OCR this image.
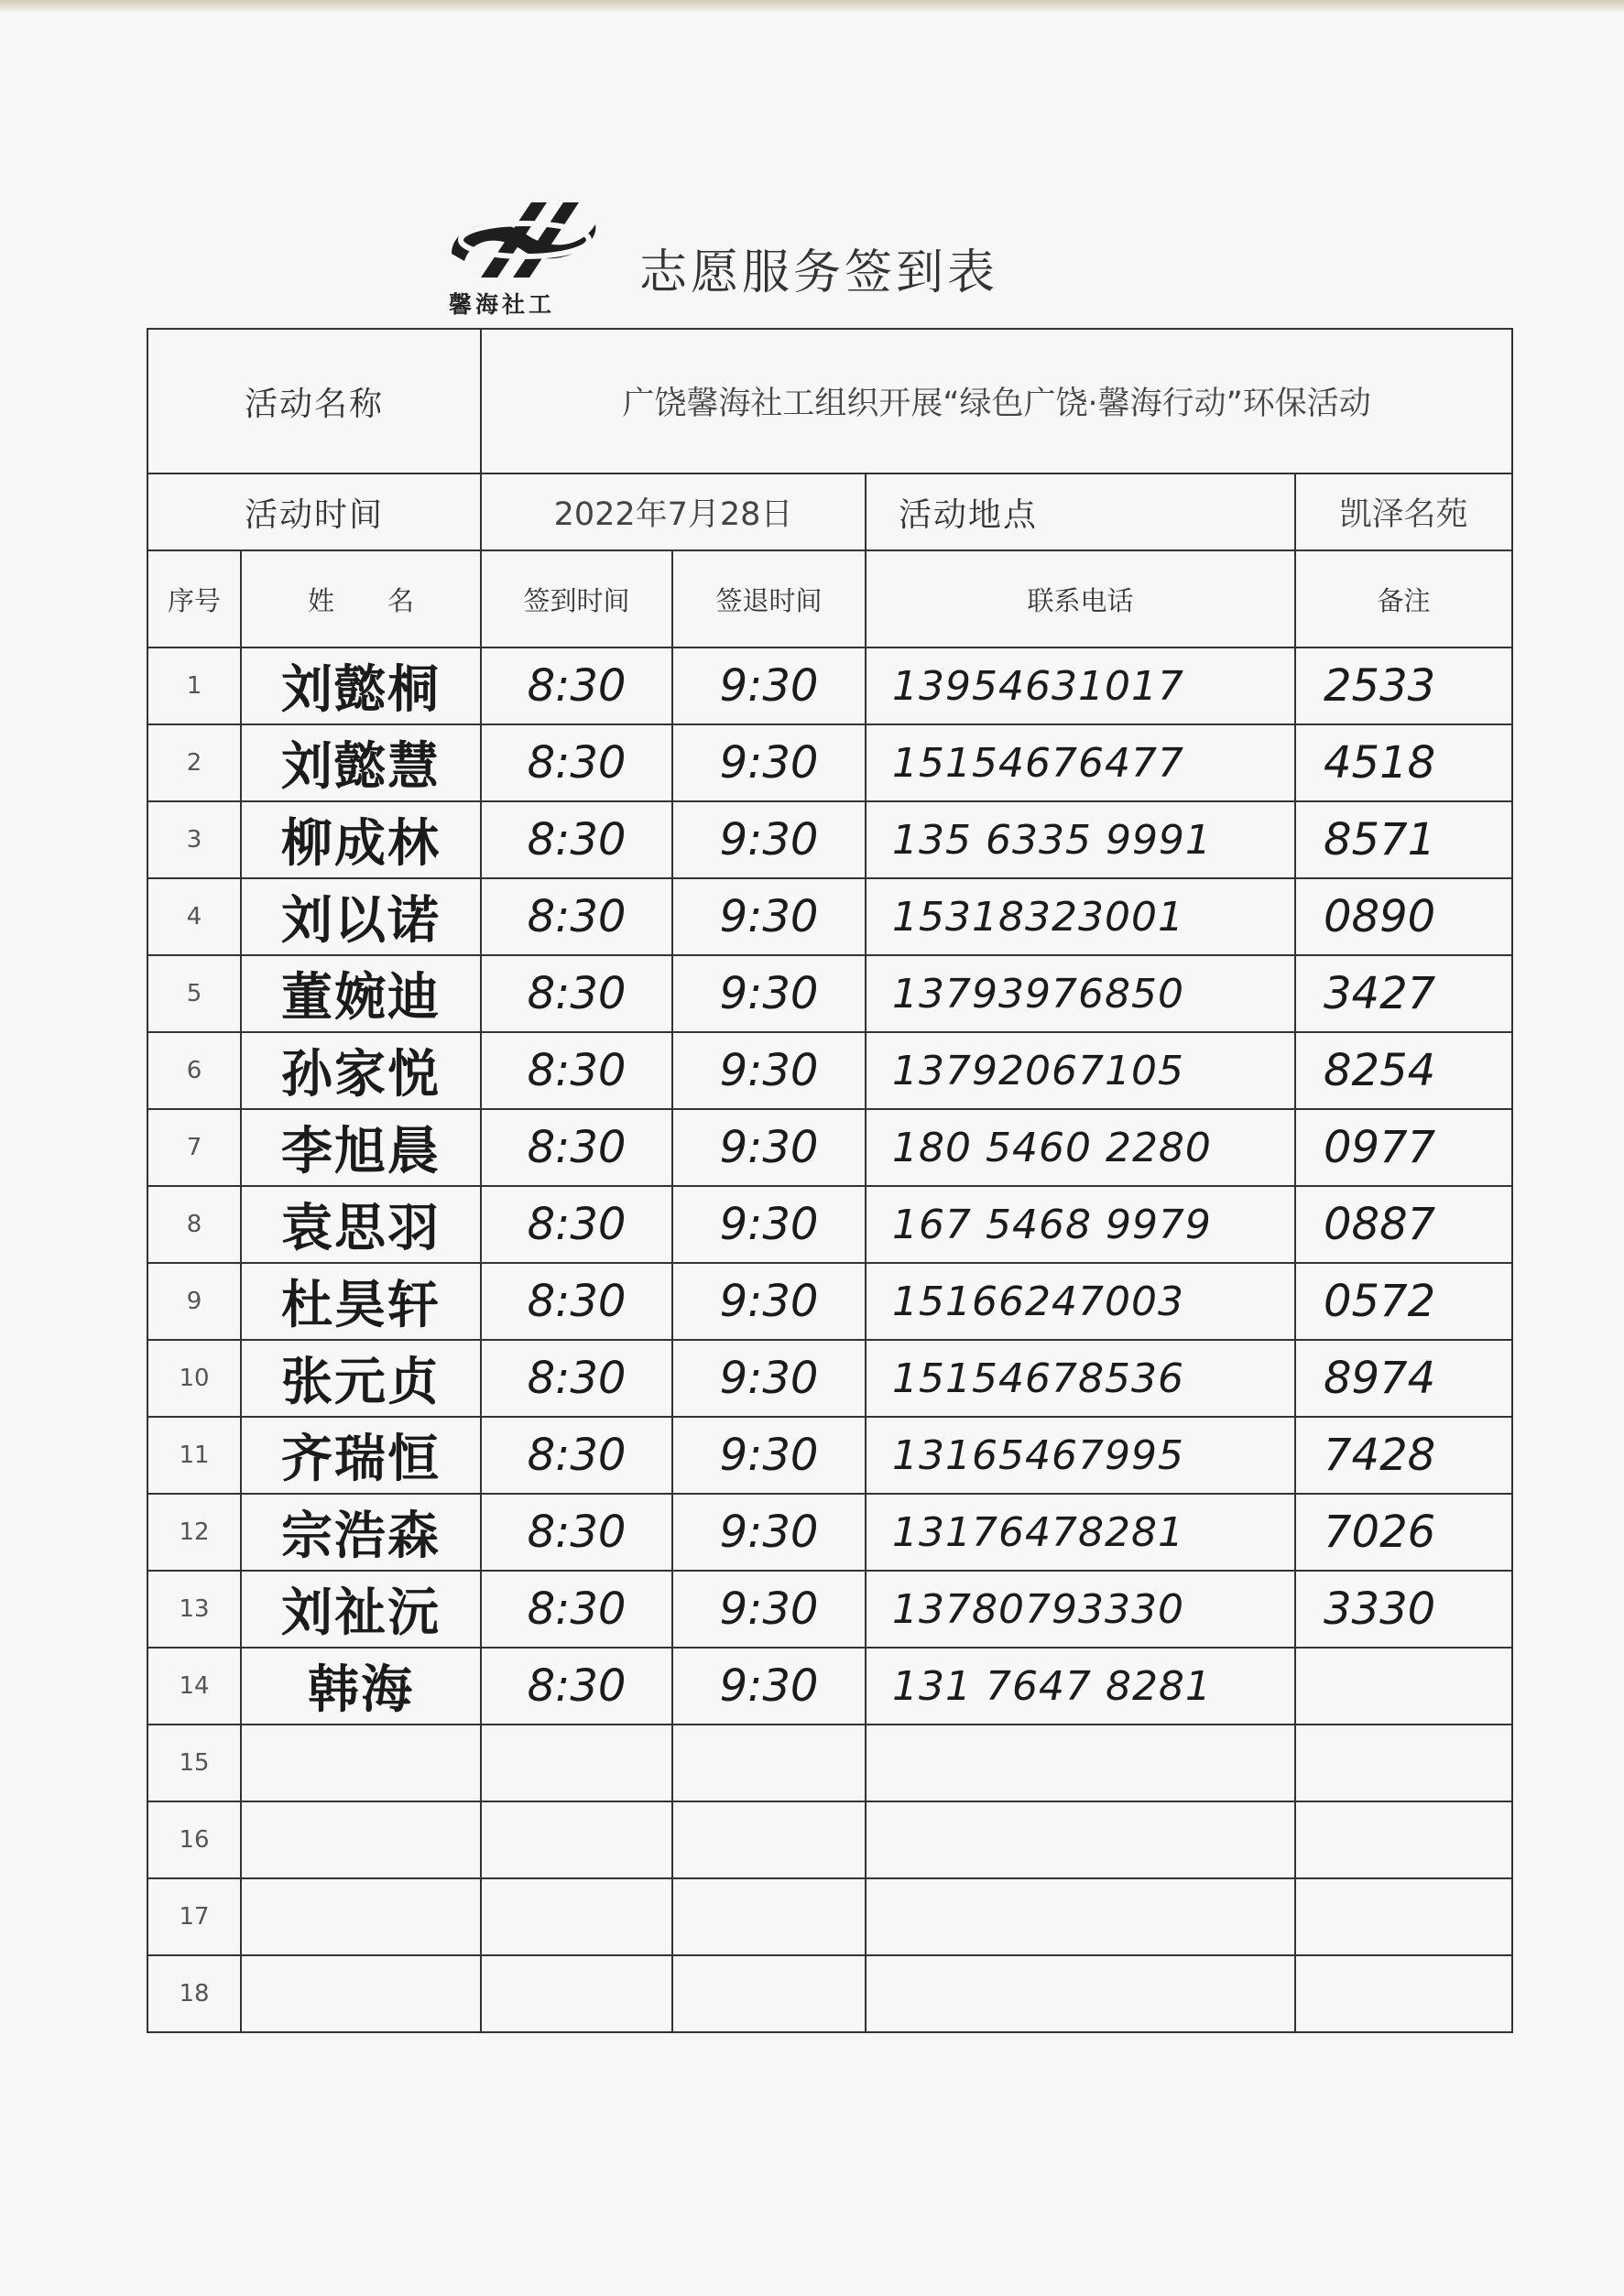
馨海社工
志愿服务签到表
活动名称		广饶馨海社工组织开展“绿色广饶·馨海行动”环保活动			
活动时间		2022年7月28日		活动地点	凯泽名苑
序号	姓　　名	签到时间	签退时间	联系电话	备注
1	刘懿桐	8:30	9:30	13954631017	2533
2	刘懿慧	8:30	9:30	15154676477	4518
3	柳成林	8:30	9:30	135 6335 9991	8571
4	刘以诺	8:30	9:30	15318323001	0890
5	董婉迪	8:30	9:30	13793976850	3427
6	孙家悦	8:30	9:30	13792067105	8254
7	李旭晨	8:30	9:30	180 5460 2280	0977
8	袁思羽	8:30	9:30	167 5468 9979	0887
9	杜昊轩	8:30	9:30	15166247003	0572
10	张元贞	8:30	9:30	15154678536	8974
11	齐瑞恒	8:30	9:30	13165467995	7428
12	宗浩森	8:30	9:30	13176478281	7026
13	刘祉沅	8:30	9:30	13780793330	3330
14	韩海	8:30	9:30	131 7647 8281	
15					
16					
17					
18					
